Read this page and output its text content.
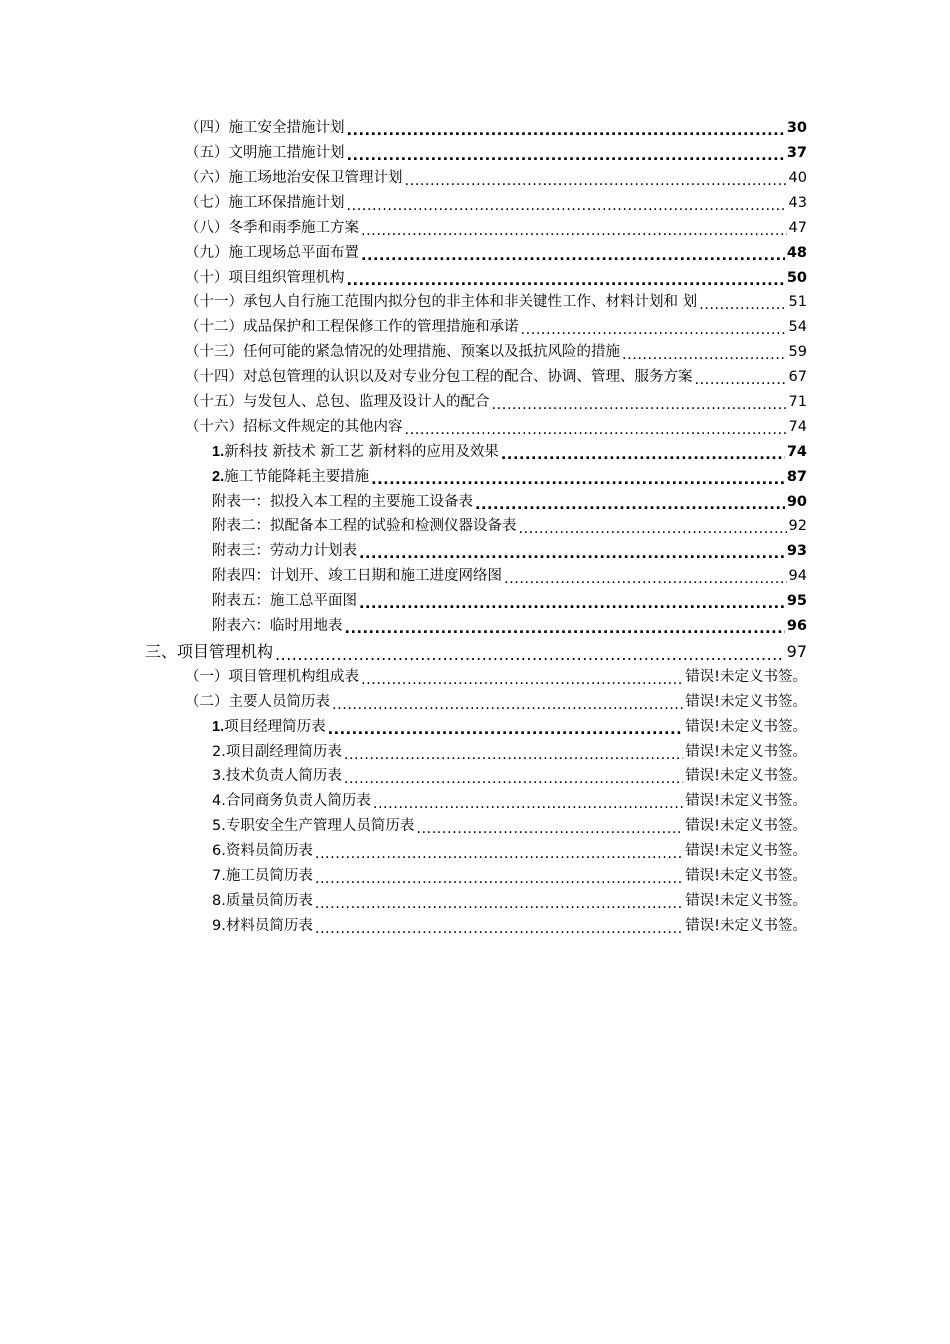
（四）施工安全措施计划 .....	30
（五）文明施工措施计划 .....	37
（六）施工场地治安保卫管理计划 .....	40
（七）施工环保措施计划 .....	43
（八）冬季和雨季施工方案 .....	47
（九）施工现场总平面布置 .....	48
（十）项目组织管理机构 .....	50
（十一）承包人自行施工范围内拟分包的非主体和非关键性工作、材料计划和 划 .....	51
（十二）成品保护和工程保修工作的管理措施和承诺 .....	54
（十三）任何可能的紧急情况的处理措施、预案以及抵抗风险的措施 .....	59
（十四）对总包管理的认识以及对专业分包工程的配合、协调、管理、服务方案 .....	67
（十五）与发包人、总包、监理及设计人的配合 .....	71
（十六）招标文件规定的其他内容 .....	74
1.新科技 新技术 新工艺 新材料的应用及效果 .....	74
2.施工节能降耗主要措施 .....	87
附表一：拟投入本工程的主要施工设备表 .....	90
附表二：拟配备本工程的试验和检测仪器设备表 .....	92
附表三：劳动力计划表 .....	93
附表四：计划开、竣工日期和施工进度网络图 .....	94
附表五：施工总平面图 .....	95
附表六：临时用地表 .....	96
三、项目管理机构 .....	97
（一）项目管理机构组成表 .....	错误!未定义书签。
（二）主要人员简历表 .....	错误!未定义书签。
1.项目经理简历表 .....	错误!未定义书签。
2.项目副经理简历表 .....	错误!未定义书签。
3.技术负责人简历表 .....	错误!未定义书签。
4.合同商务负责人简历表 .....	错误!未定义书签。
5.专职安全生产管理人员简历表 .....	错误!未定义书签。
6.资料员简历表 .....	错误!未定义书签。
7.施工员简历表 .....	错误!未定义书签。
8.质量员简历表 .....	错误!未定义书签。
9.材料员简历表 .....	错误!未定义书签。
